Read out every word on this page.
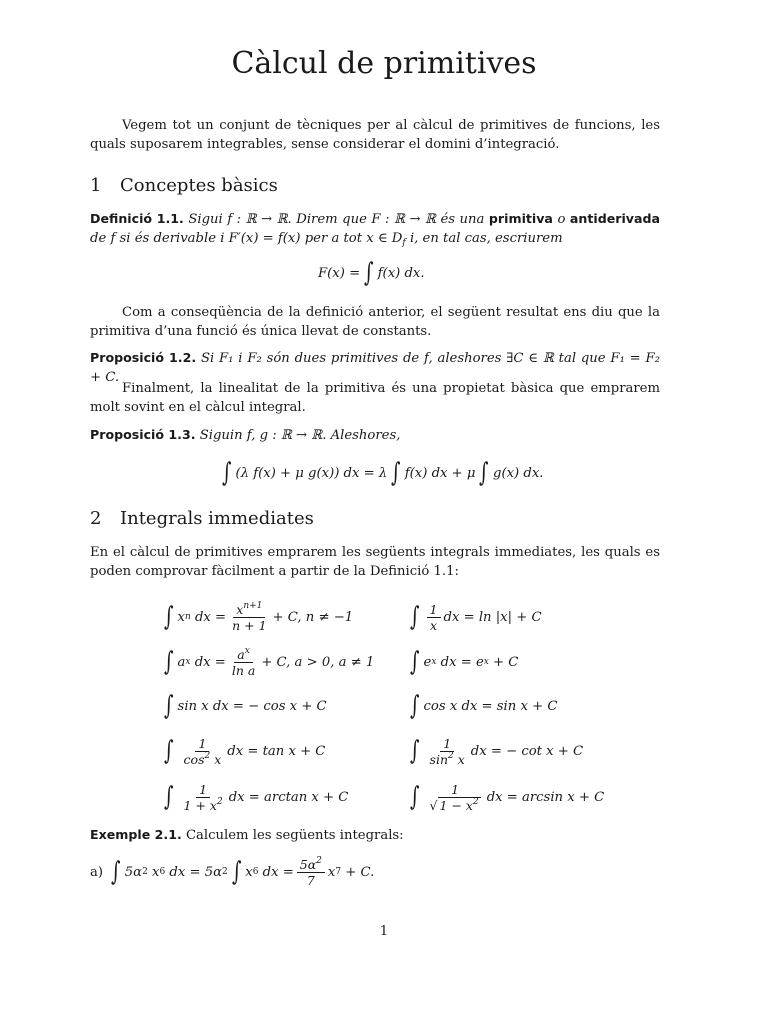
Càlcul de primitives
Vegem tot un conjunt de tècniques per al càlcul de primitives de funcions, les quals suposarem integrables, sense considerar el domini d’integració.
1 Conceptes bàsics
Definició 1.1. Sigui f : ℝ → ℝ. Direm que F : ℝ → ℝ és una primitiva o antiderivada de f si és derivable i F′(x) = f(x) per a tot x ∈ $D_f$ i, en tal cas, escriurem
F(x) = ∫ f(x) dx.
Com a conseqüència de la definició anterior, el següent resultat ens diu que la primitiva d’una funció és única llevat de constants.
Proposició 1.2. Si F₁ i F₂ són dues primitives de f, aleshores ∃C ∈ ℝ tal que F₁ = F₂ + C.
Finalment, la linealitat de la primitiva és una propietat bàsica que emprarem molt sovint en el càlcul integral.
Proposició 1.3. Siguin f, g : ℝ → ℝ. Aleshores,
∫ (λ f(x) + μ g(x)) dx = λ ∫ f(x) dx + μ ∫ g(x) dx.
2 Integrals immediates
En el càlcul de primitives emprarem les següents integrals immediates, les quals es poden comprovar fàcilment a partir de la Definició 1.1:
∫ x n
dx = $\frac{x^{n+1}}{n + 1} + C$, n ≠ −1
∫ a x
dx = $\frac{a^x}{\text{ln a}} + C$, a > 0, a ≠ 1
∫ sin x dx = − cos x + C
∫ $\frac{1}{\cos^2 x}$ dx = tan x + C
∫ $\frac{1}{1 + x^2}$ dx = arctan x + C
∫ $\frac{1}{x}$ dx = ln |x| + C
∫ e x
dx = e x
+ C
∫ cos x dx = sin x + C
∫ $\frac{1}{\sin^2 x}$ dx = − cot x + C
∫ $\frac{1}{√ 1 - x^2}$ dx = arcsin x + C
Exemple 2.1. Calculem les següents integrals:
a)
∫ 5α 2
x 6
dx = 5α 2 ∫ x 6
dx = $\frac{5\alpha^2}{7}$ x 7
+ C.
1
